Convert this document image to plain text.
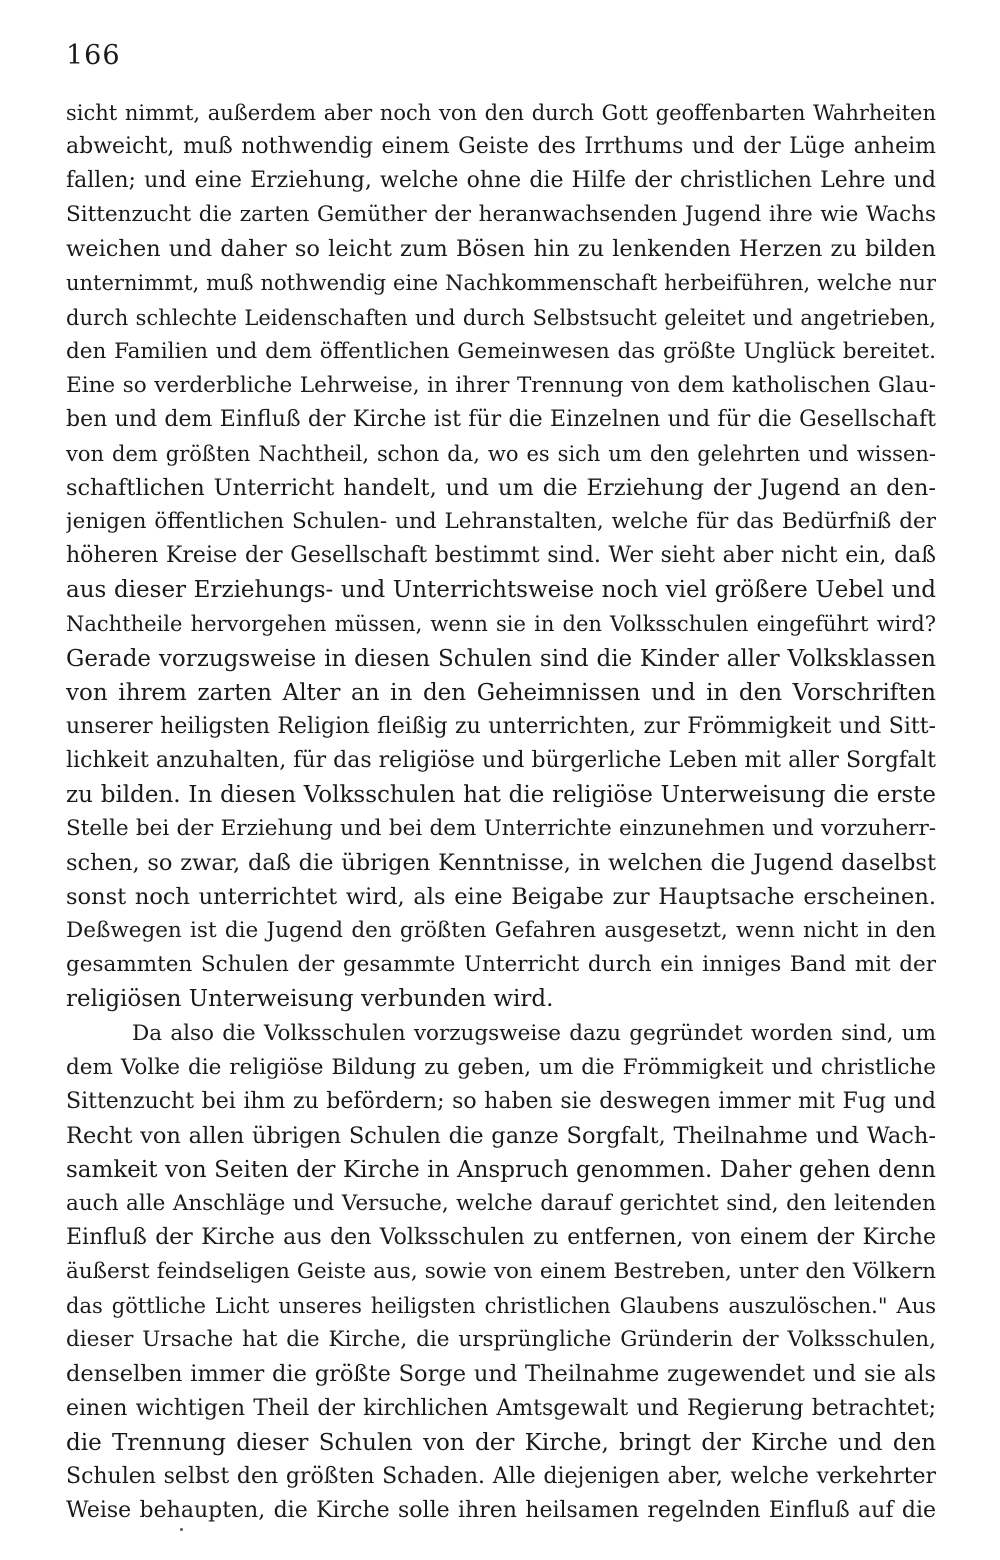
166
sicht nimmt, außerdem aber noch von den durch Gott geoffenbarten Wahrheiten
abweicht, muß nothwendig einem Geiste des Irrthums und der Lüge anheim
fallen; und eine Erziehung, welche ohne die Hilfe der christlichen Lehre und
Sittenzucht die zarten Gemüther der heranwachsenden Jugend ihre wie Wachs
weichen und daher so leicht zum Bösen hin zu lenkenden Herzen zu bilden
unternimmt, muß nothwendig eine Nachkommenschaft herbeiführen, welche nur
durch schlechte Leidenschaften und durch Selbstsucht geleitet und angetrieben,
den Familien und dem öffentlichen Gemeinwesen das größte Unglück bereitet.
Eine so verderbliche Lehrweise, in ihrer Trennung von dem katholischen Glau-
ben und dem Einfluß der Kirche ist für die Einzelnen und für die Gesellschaft
von dem größten Nachtheil, schon da, wo es sich um den gelehrten und wissen-
schaftlichen Unterricht handelt, und um die Erziehung der Jugend an den-
jenigen öffentlichen Schulen- und Lehranstalten, welche für das Bedürfniß der
höheren Kreise der Gesellschaft bestimmt sind. Wer sieht aber nicht ein, daß
aus dieser Erziehungs- und Unterrichtsweise noch viel größere Uebel und
Nachtheile hervorgehen müssen, wenn sie in den Volksschulen eingeführt wird?
Gerade vorzugsweise in diesen Schulen sind die Kinder aller Volksklassen
von ihrem zarten Alter an in den Geheimnissen und in den Vorschriften
unserer heiligsten Religion fleißig zu unterrichten, zur Frömmigkeit und Sitt-
lichkeit anzuhalten, für das religiöse und bürgerliche Leben mit aller Sorgfalt
zu bilden. In diesen Volksschulen hat die religiöse Unterweisung die erste
Stelle bei der Erziehung und bei dem Unterrichte einzunehmen und vorzuherr-
schen, so zwar, daß die übrigen Kenntnisse, in welchen die Jugend daselbst
sonst noch unterrichtet wird, als eine Beigabe zur Hauptsache erscheinen.
Deßwegen ist die Jugend den größten Gefahren ausgesetzt, wenn nicht in den
gesammten Schulen der gesammte Unterricht durch ein inniges Band mit der
religiösen Unterweisung verbunden wird.
Da also die Volksschulen vorzugsweise dazu gegründet worden sind, um
dem Volke die religiöse Bildung zu geben, um die Frömmigkeit und christliche
Sittenzucht bei ihm zu befördern; so haben sie deswegen immer mit Fug und
Recht von allen übrigen Schulen die ganze Sorgfalt, Theilnahme und Wach-
samkeit von Seiten der Kirche in Anspruch genommen. Daher gehen denn
auch alle Anschläge und Versuche, welche darauf gerichtet sind, den leitenden
Einfluß der Kirche aus den Volksschulen zu entfernen, von einem der Kirche
äußerst feindseligen Geiste aus, sowie von einem Bestreben, unter den Völkern
das göttliche Licht unseres heiligsten christlichen Glaubens auszulöschen." Aus
dieser Ursache hat die Kirche, die ursprüngliche Gründerin der Volksschulen,
denselben immer die größte Sorge und Theilnahme zugewendet und sie als
einen wichtigen Theil der kirchlichen Amtsgewalt und Regierung betrachtet;
die Trennung dieser Schulen von der Kirche, bringt der Kirche und den
Schulen selbst den größten Schaden. Alle diejenigen aber, welche verkehrter
Weise behaupten, die Kirche solle ihren heilsamen regelnden Einfluß auf die
